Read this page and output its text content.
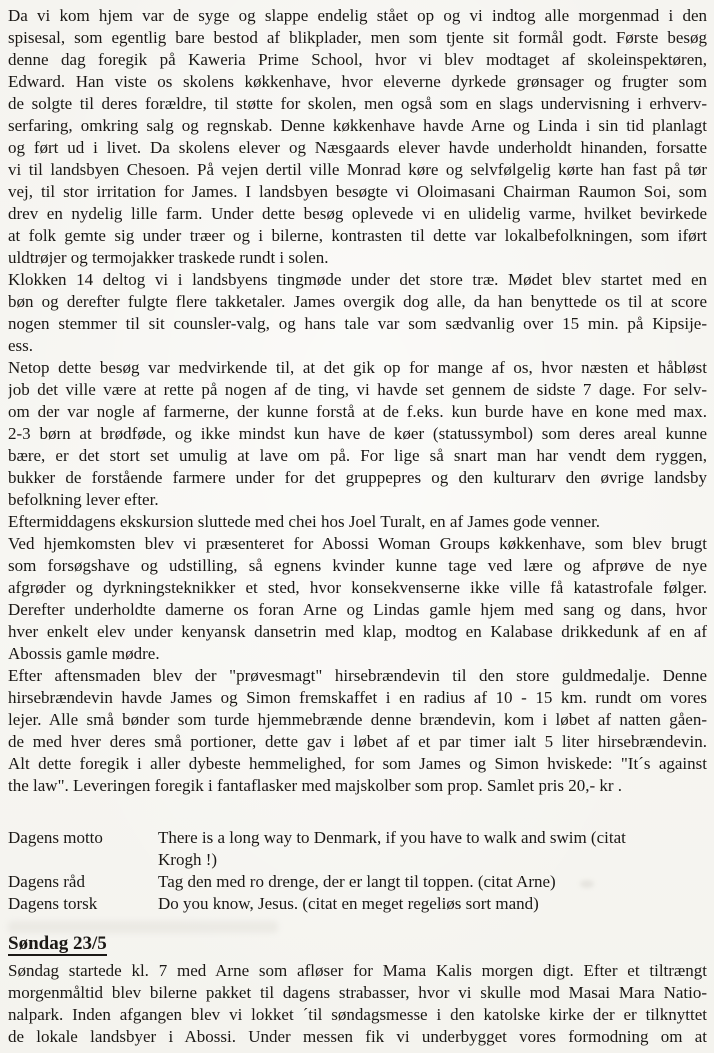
Da vi kom hjem var de syge og slappe endelig stået op og vi indtog alle morgenmad i den
spisesal, som egentlig bare bestod af blikplader, men som tjente sit formål godt. Første besøg
denne dag foregik på Kaweria Prime School, hvor vi blev modtaget af skoleinspektøren,
Edward. Han viste os skolens køkkenhave, hvor eleverne dyrkede grønsager og frugter som
de solgte til deres forældre, til støtte for skolen, men også som en slags undervisning i erhverv-
serfaring, omkring salg og regnskab. Denne køkkenhave havde Arne og Linda i sin tid planlagt
og ført ud i livet. Da skolens elever og Næsgaards elever havde underholdt hinanden, forsatte
vi til landsbyen Chesoen. På vejen dertil ville Monrad køre og selvfølgelig kørte han fast på tør
vej, til stor irritation for James. I landsbyen besøgte vi Oloimasani Chairman Raumon Soi, som
drev en nydelig lille farm. Under dette besøg oplevede vi en ulidelig varme, hvilket bevirkede
at folk gemte sig under træer og i bilerne, kontrasten til dette var lokalbefolkningen, som iført
uldtrøjer og termojakker traskede rundt i solen.
Klokken 14 deltog vi i landsbyens tingmøde under det store træ. Mødet blev startet med en
bøn og derefter fulgte flere takketaler. James overgik dog alle, da han benyttede os til at score
nogen stemmer til sit counsler-valg, og hans tale var som sædvanlig over 15 min. på Kipsije-
ess.
Netop dette besøg var medvirkende til, at det gik op for mange af os, hvor næsten et håbløst
job det ville være at rette på nogen af de ting, vi havde set gennem de sidste 7 dage. For selv-
om der var nogle af farmerne, der kunne forstå at de f.eks. kun burde have en kone med max.
2-3 børn at brødføde, og ikke mindst kun have de køer (statussymbol) som deres areal kunne
bære, er det stort set umulig at lave om på. For lige så snart man har vendt dem ryggen,
bukker de forstående farmere under for det gruppepres og den kulturarv den øvrige landsby
befolkning lever efter.
Eftermiddagens ekskursion sluttede med chei hos Joel Turalt, en af James gode venner.
Ved hjemkomsten blev vi præsenteret for Abossi Woman Groups køkkenhave, som blev brugt
som forsøgshave og udstilling, så egnens kvinder kunne tage ved lære og afprøve de nye
afgrøder og dyrkningsteknikker et sted, hvor konsekvenserne ikke ville få katastrofale følger.
Derefter underholdte damerne os foran Arne og Lindas gamle hjem med sang og dans, hvor
hver enkelt elev under kenyansk dansetrin med klap, modtog en Kalabase drikkedunk af en af
Abossis gamle mødre.
Efter aftensmaden blev der "prøvesmagt" hirsebrændevin til den store guldmedalje. Denne
hirsebrændevin havde James og Simon fremskaffet i en radius af 10 - 15 km. rundt om vores
lejer. Alle små bønder som turde hjemmebrænde denne brændevin, kom i løbet af natten gåen-
de med hver deres små portioner, dette gav i løbet af et par timer ialt 5 liter hirsebrændevin.
Alt dette foregik i aller dybeste hemmelighed, for som James og Simon hviskede: "It´s against
the law". Leveringen foregik i fantaflasker med majskolber som prop. Samlet pris 20,- kr .
Dagens motto	There is a long way to Denmark, if you have to walk and swim (citat
Krogh !)
Dagens råd	Tag den med ro drenge, der er langt til toppen. (citat Arne)
Dagens torsk	Do you know, Jesus. (citat en meget regeliøs sort mand)
Søndag 23/5
Søndag startede kl. 7 med Arne som afløser for Mama Kalis morgen digt. Efter et tiltrængt
morgenmåltid blev bilerne pakket til dagens strabasser, hvor vi skulle mod Masai Mara Natio-
nalpark. Inden afgangen blev vi lokket ´til søndagsmesse i den katolske kirke der er tilknyttet
de lokale landsbyer i Abossi. Under messen fik vi underbygget vores formodning om at
